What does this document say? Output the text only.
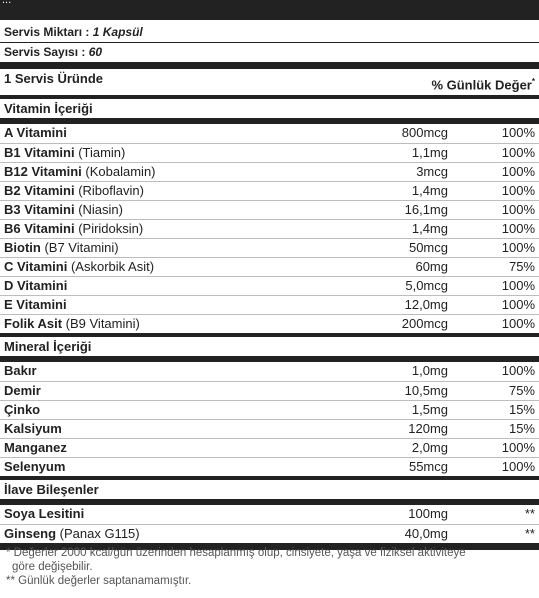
...
Servis Miktarı : 1 Kapsül
Servis Sayısı : 60
1 Servis Üründe	% Günlük Değer*
Vitamin İçeriği
A Vitamini	800mcg	100%
B1 Vitamini (Tiamin)	1,1mg	100%
B12 Vitamini (Kobalamin)	3mcg	100%
B2 Vitamini (Riboflavin)	1,4mg	100%
B3 Vitamini (Niasin)	16,1mg	100%
B6 Vitamini (Piridoksin)	1,4mg	100%
Biotin (B7 Vitamini)	50mcg	100%
C Vitamini (Askorbik Asit)	60mg	75%
D Vitamini	5,0mcg	100%
E Vitamini	12,0mg	100%
Folik Asit (B9 Vitamini)	200mcg	100%
Mineral İçeriği
Bakır	1,0mg	100%
Demir	10,5mg	75%
Çinko	1,5mg	15%
Kalsiyum	120mg	15%
Manganez	2,0mg	100%
Selenyum	55mcg	100%
İlave Bileşenler
Soya Lesitini	100mg	**
Ginseng (Panax G115)	40,0mg	**
* Değerler 2000 kcal/gün üzerinden hesaplanmış olup, cinsiyete, yaşa ve fiziksel aktiviteye
göre değişebilir.
** Günlük değerler saptanamamıştır.
